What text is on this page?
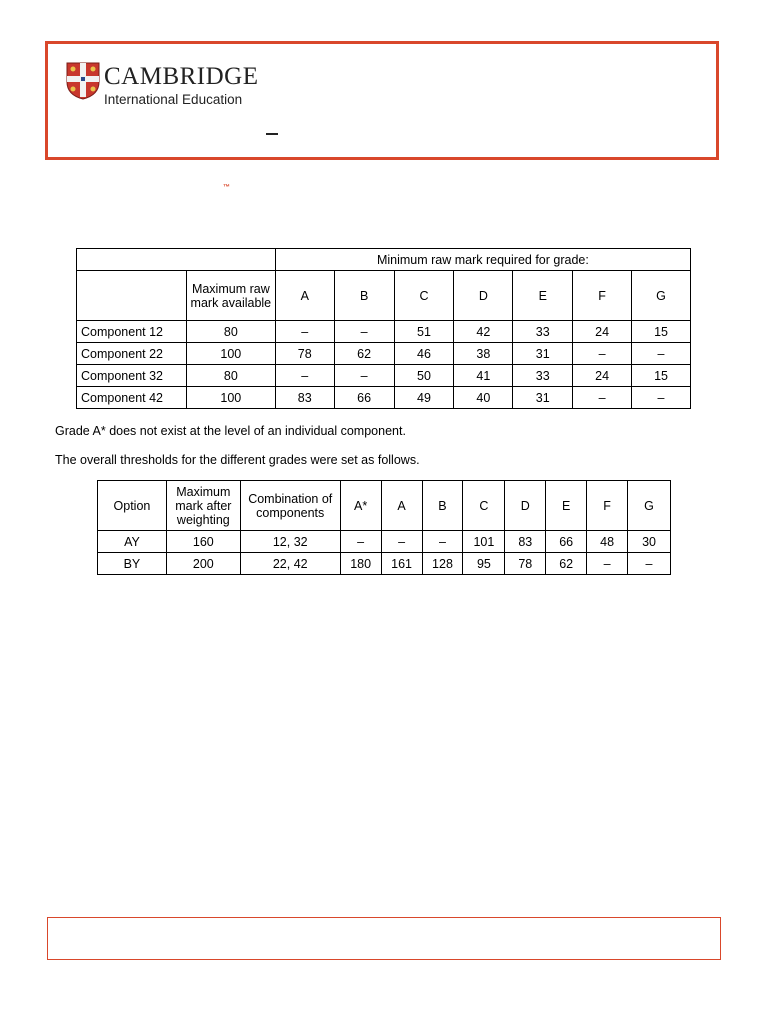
CAMBRIDGE
International Education
™
		Minimum raw mark required for grade:						
	Maximum raw mark available	A	B	C	D	E	F	G
Component 12	80	–	–	51	42	33	24	15
Component 22	100	78	62	46	38	31	–	–
Component 32	80	–	–	50	41	33	24	15
Component 42	100	83	66	49	40	31	–	–
Grade A* does not exist at the level of an individual component.
The overall thresholds for the different grades were set as follows.
Option	Maximum mark after weighting	Combination of components	A*	A	B	C	D	E	F	G
AY	160	12, 32	–	–	–	101	83	66	48	30
BY	200	22, 42	180	161	128	95	78	62	–	–
